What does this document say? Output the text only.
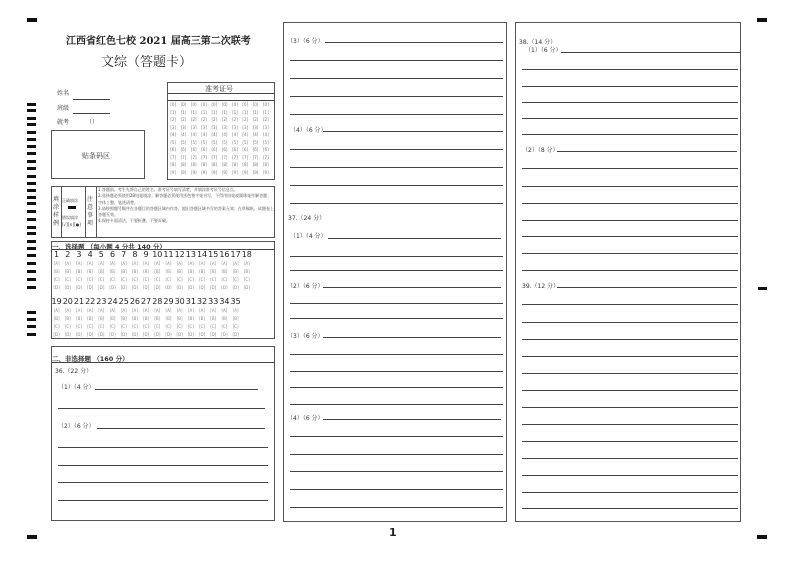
江西省红色七校 2021 届高三第二次联考
文综（答题卡）
姓名
班级
就考	（）
贴条码区
准考证号
[0] [0] [0] [0] [0] [0] [0] [0] [0] [0]
[1] [1] [1] [1] [1] [1] [1] [1] [1] [1]
[2] [2] [2] [2] [2] [2] [2] [2] [2] [2]
[3] [3] [3] [3] [3] [3] [3] [3] [3] [3]
[4] [4] [4] [4] [4] [4] [4] [4] [4] [4]
[5] [5] [5] [5] [5] [5] [5] [5] [5] [5]
[6] [6] [6] [6] [6] [6] [6] [6] [6] [6]
[7] [7] [7] [7] [7] [7] [7] [7] [7] [7]
[8] [8] [8] [8] [8] [8] [8] [8] [8] [8]
[9] [9] [9] [9] [9] [9] [9] [9] [9] [9]
填涂样例
正确填涂
错误填涂
[√][×][●]
注意事项
1.答题前，考生先将自己的姓名、准考证号填写清楚，并填涂准考证号信息点。
2.选择题必须使用2B铅笔填涂；解答题必须使用黑色签字笔书写，不得用铅笔或圆珠笔作解答题；字体工整、笔迹清楚。
3.请按照题号顺序在各题目的答题区域内作答，超出答题区域书写的答案无效；在草稿纸、试题卷上答题无效。
4.保持卡面清洁，不要折叠、不要弄破。
一、选择题 （每小题 4 分共 140 分）
1 2 3 4 5 6 7 8 9 101112131415161718
[A] [A] [A] [A] [A] [A] [A] [A] [A] [A] [A] [A] [A] [A] [A] [A] [A] [A]
[B] [B] [B] [B] [B] [B] [B] [B] [B] [B] [B] [B] [B] [B] [B] [B] [B] [B]
[C] [C] [C] [C] [C] [C] [C] [C] [C] [C] [C] [C] [C] [C] [C] [C] [C] [C]
[D] [D] [D] [D] [D] [D] [D] [D] [D] [D] [D] [D] [D] [D] [D] [D] [D] [D]
1920212223242526272829303132333435
[A] [A] [A] [A] [A] [A] [A] [A] [A] [A] [A] [A] [A] [A] [A] [A] [A]
[B] [B] [B] [B] [B] [B] [B] [B] [B] [B] [B] [B] [B] [B] [B] [B] [B]
[C] [C] [C] [C] [C] [C] [C] [C] [C] [C] [C] [C] [C] [C] [C] [C] [C]
[D] [D] [D] [D] [D] [D] [D] [D] [D] [D] [D] [D] [D] [D] [D] [D] [D]
二、非选择题 （160 分）
36.（22 分）
（1）（4 分）
（2）（6 分）
（3）（6 分）
（4）（6 分）
37.（24 分）
（1）（4 分）
（2）（6 分）
（3）（6 分）
（4）（6 分）
38.（14 分）
（1）（6 分）
（2）（8 分）
39.（12 分）
1
